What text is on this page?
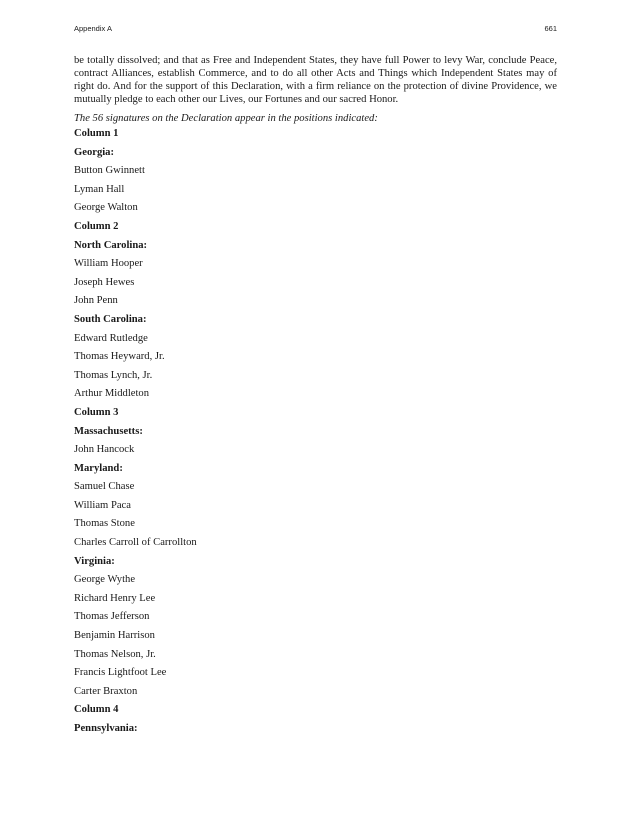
Appendix A	661

be totally dissolved; and that as Free and Independent States, they have full Power to levy War, conclude Peace, contract Alliances, establish Commerce, and to do all other Acts and Things which Independent States may of right do. And for the support of this Declaration, with a firm reliance on the protection of divine Providence, we mutually pledge to each other our Lives, our Fortunes and our sacred Honor.

The 56 signatures on the Declaration appear in the positions indicated:

Column 1
Georgia:
Button Gwinnett
Lyman Hall
George Walton
Column 2
North Carolina:
William Hooper
Joseph Hewes
John Penn
South Carolina:
Edward Rutledge
Thomas Heyward, Jr.
Thomas Lynch, Jr.
Arthur Middleton
Column 3
Massachusetts:
John Hancock
Maryland:
Samuel Chase
William Paca
Thomas Stone
Charles Carroll of Carrollton
Virginia:
George Wythe
Richard Henry Lee
Thomas Jefferson
Benjamin Harrison
Thomas Nelson, Jr.
Francis Lightfoot Lee
Carter Braxton
Column 4
Pennsylvania:
